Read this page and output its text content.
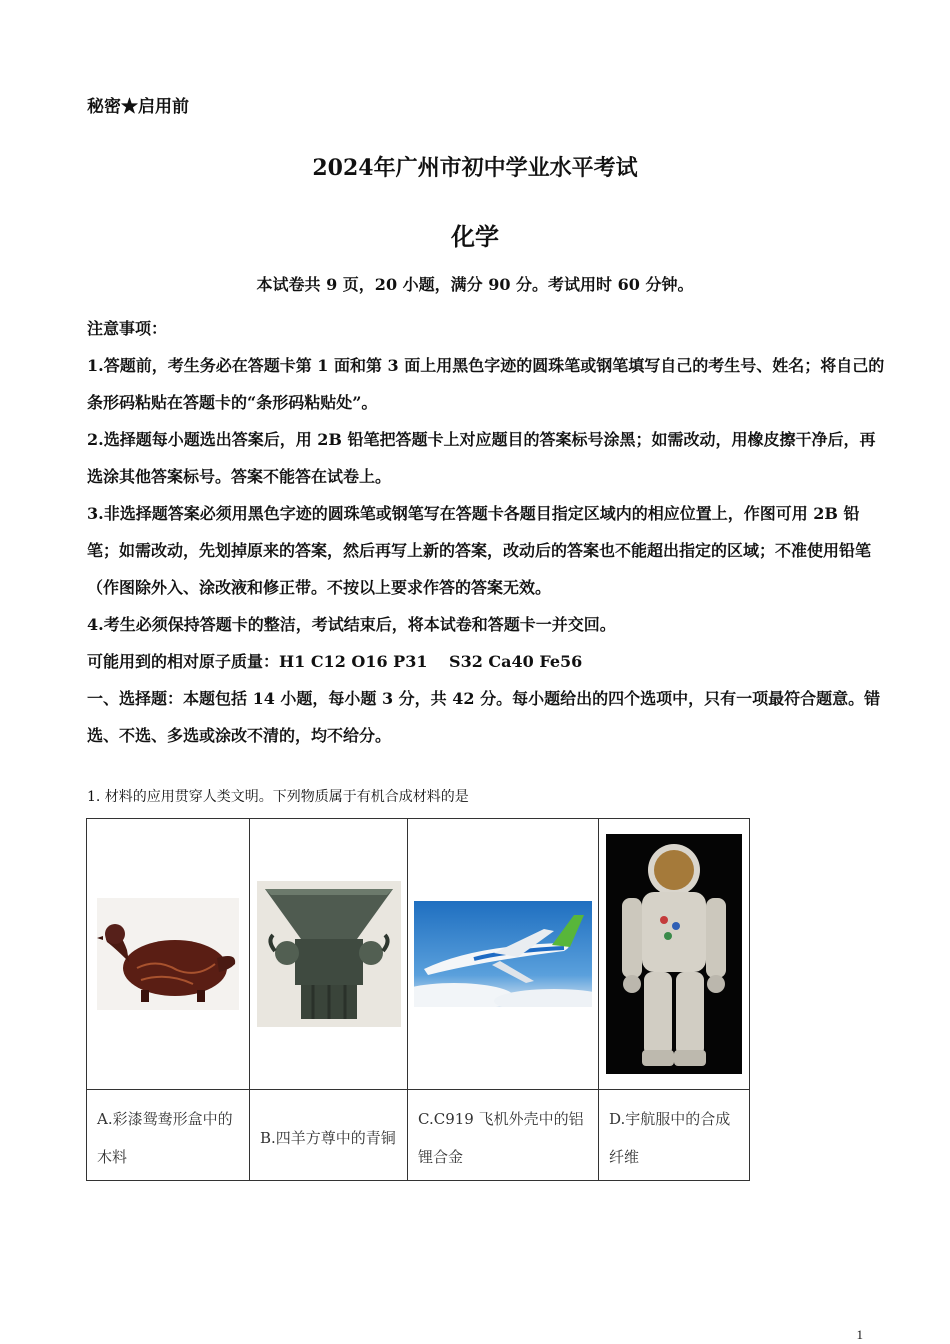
秘密★启用前
2024年广州市初中学业水平考试
化学
本试卷共 9 页，20 小题，满分 90 分。考试用时 60 分钟。

注意事项：

1.答题前，考生务必在答题卡第 1 面和第 3 面上用黑色字迹的圆珠笔或钢笔填写自己的考生号、姓名；将自己的条形码粘贴在答题卡的“条形码粘贴处”。

2.选择题每小题选出答案后，用 2B 铅笔把答题卡上对应题目的答案标号涂黑；如需改动，用橡皮擦干净后，再选涂其他答案标号。答案不能答在试卷上。

3.非选择题答案必须用黑色字迹的圆珠笔或钢笔写在答题卡各题目指定区域内的相应位置上，作图可用 2B 铅笔；如需改动，先划掉原来的答案，然后再写上新的答案，改动后的答案也不能超出指定的区域；不准使用铅笔（作图除外入、涂改液和修正带。不按以上要求作答的答案无效。

4.考生必须保持答题卡的整洁，考试结束后，将本试卷和答题卡一并交回。

可能用到的相对原子质量：H1 C12 O16 P31　 S32 Ca40 Fe56

一、选择题：本题包括 14 小题，每小题 3 分，共 42 分。每小题给出的四个选项中，只有一项最符合题意。错选、不选、多选或涂改不清的，均不给分。

1. 材料的应用贯穿人类文明。下列物质属于有机合成材料的是

A.彩漆鸳鸯形盒中的木料	B.四羊方尊中的青铜	C.C919 飞机外壳中的铝锂合金	D.宇航服中的合成纤维
1
